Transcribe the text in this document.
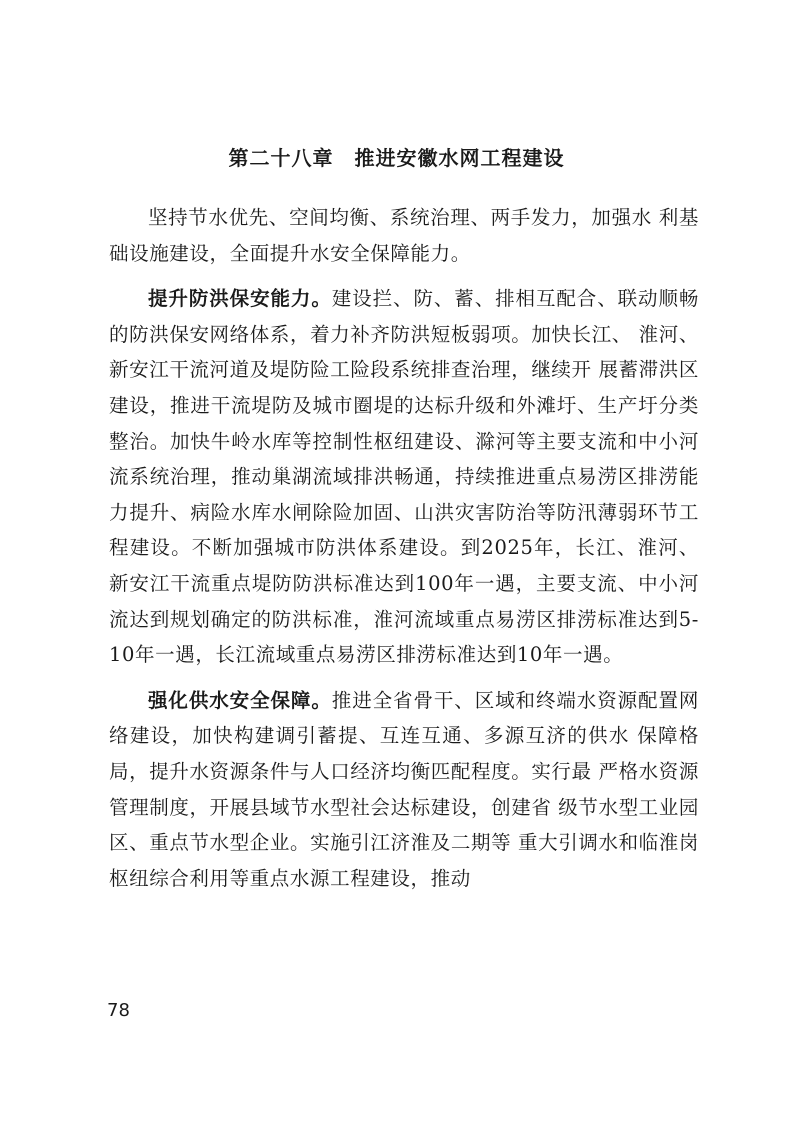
第二十八章　推进安徽水网工程建设

坚持节水优先、空间均衡、系统治理、两手发力，加强水 利基础设施建设，全面提升水安全保障能力。

提升防洪保安能力。建设拦、防、蓄、排相互配合、联动顺畅的防洪保安网络体系，着力补齐防洪短板弱项。加快长江、 淮河、新安江干流河道及堤防险工险段系统排查治理，继续开 展蓄滞洪区建设，推进干流堤防及城市圈堤的达标升级和外滩圩、生产圩分类整治。加快牛岭水库等控制性枢纽建设、滁河等主要支流和中小河流系统治理，推动巢湖流域排洪畅通，持续推进重点易涝区排涝能力提升、病险水库水闸除险加固、山洪灾害防治等防汛薄弱环节工程建设。不断加强城市防洪体系建设。到2025年，长江、淮河、新安江干流重点堤防防洪标准达到100年一遇，主要支流、中小河流达到规划确定的防洪标准，淮河流域重点易涝区排涝标准达到5-10年一遇，长江流域重点易涝区排涝标准达到10年一遇。

强化供水安全保障。推进全省骨干、区域和终端水资源配置网络建设，加快构建调引蓄提、互连互通、多源互济的供水 保障格局，提升水资源条件与人口经济均衡匹配程度。实行最 严格水资源管理制度，开展县域节水型社会达标建设，创建省 级节水型工业园区、重点节水型企业。实施引江济淮及二期等 重大引调水和临淮岗枢纽综合利用等重点水源工程建设，推动

78
